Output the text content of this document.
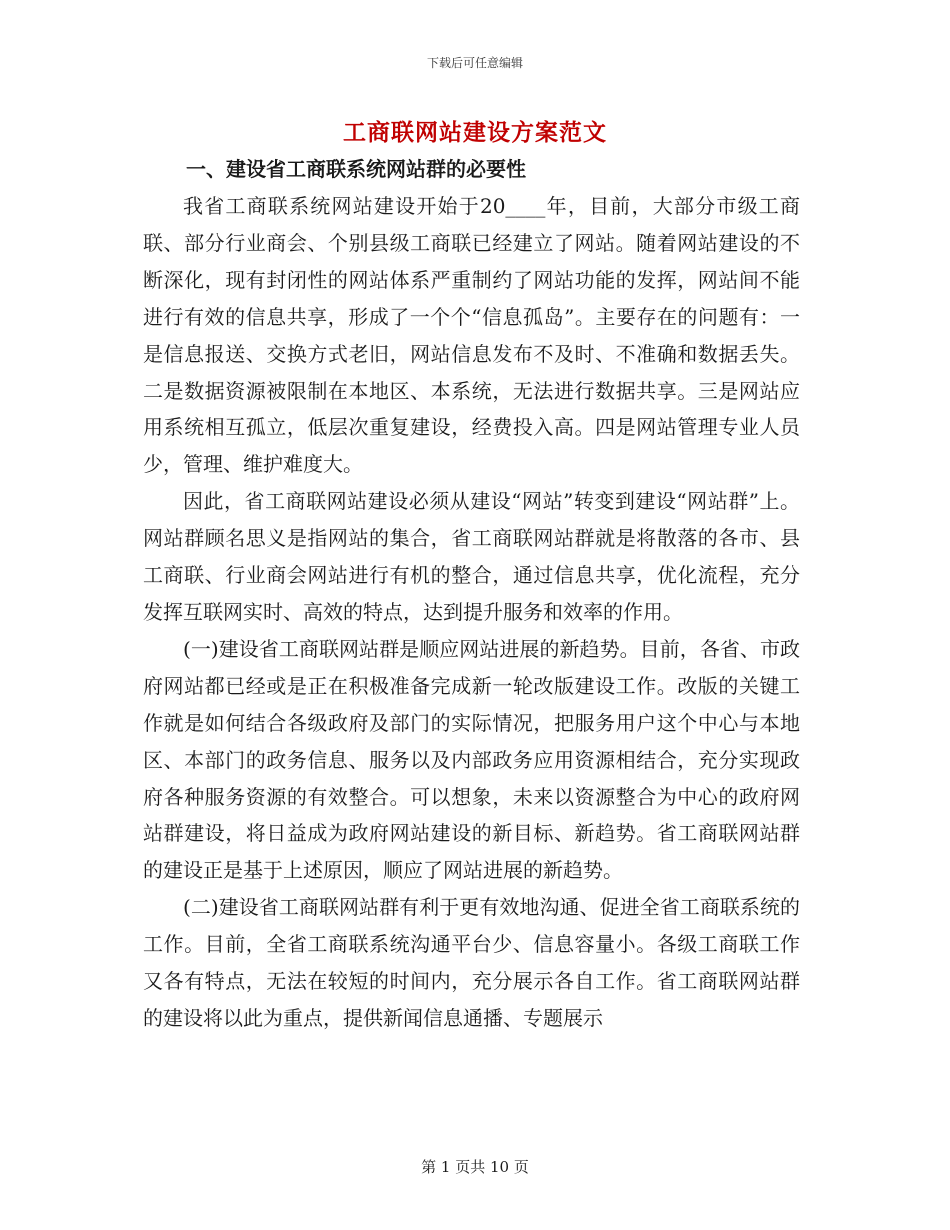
下载后可任意编辑
工商联网站建设方案范文

一、建设省工商联系统网站群的必要性

我省工商联系统网站建设开始于20____年，目前，大部分市级工商联、部分行业商会、个别县级工商联已经建立了网站。随着网站建设的不断深化，现有封闭性的网站体系严重制约了网站功能的发挥，网站间不能进行有效的信息共享，形成了一个个“信息孤岛”。主要存在的问题有：一是信息报送、交换方式老旧，网站信息发布不及时、不准确和数据丢失。二是数据资源被限制在本地区、本系统，无法进行数据共享。三是网站应用系统相互孤立，低层次重复建设，经费投入高。四是网站管理专业人员少，管理、维护难度大。

因此，省工商联网站建设必须从建设“网站”转变到建设“网站群”上。网站群顾名思义是指网站的集合，省工商联网站群就是将散落的各市、县工商联、行业商会网站进行有机的整合，通过信息共享，优化流程，充分发挥互联网实时、高效的特点，达到提升服务和效率的作用。

(一)建设省工商联网站群是顺应网站进展的新趋势。目前，各省、市政府网站都已经或是正在积极准备完成新一轮改版建设工作。改版的关键工作就是如何结合各级政府及部门的实际情况，把服务用户这个中心与本地区、本部门的政务信息、服务以及内部政务应用资源相结合，充分实现政府各种服务资源的有效整合。可以想象，未来以资源整合为中心的政府网站群建设，将日益成为政府网站建设的新目标、新趋势。省工商联网站群的建设正是基于上述原因，顺应了网站进展的新趋势。

(二)建设省工商联网站群有利于更有效地沟通、促进全省工商联系统的工作。目前，全省工商联系统沟通平台少、信息容量小。各级工商联工作又各有特点，无法在较短的时间内，充分展示各自工作。省工商联网站群的建设将以此为重点，提供新闻信息通播、专题展示

第 1 页共 10 页
